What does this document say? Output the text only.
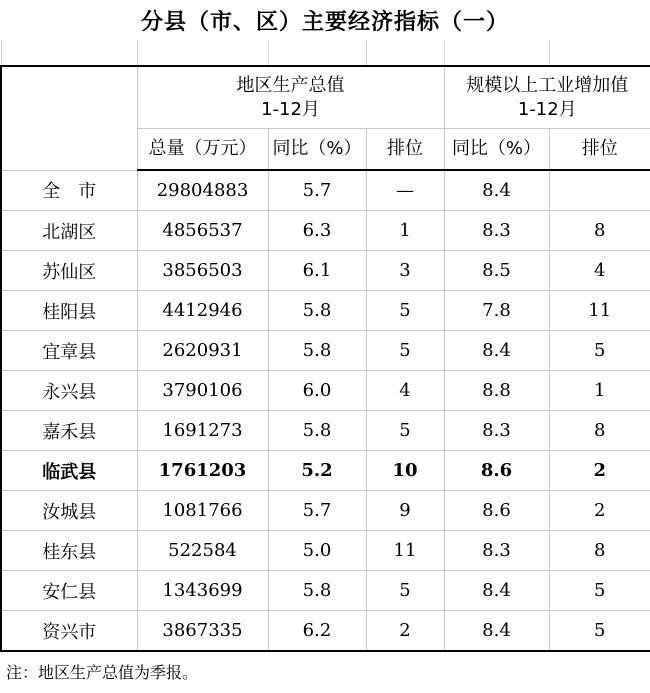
分县（市、区）主要经济指标（一）

	地区生产总值
1-12月			规模以上工业增加值
1-12月	

	总量（万元）	同比（%）	排位	同比（%）	排位
全　市	29804883	5.7	—	8.4	
北湖区	4856537	6.3	1	8.3	8
苏仙区	3856503	6.1	3	8.5	4
桂阳县	4412946	5.8	5	7.8	11
宜章县	2620931	5.8	5	8.4	5
永兴县	3790106	6.0	4	8.8	1
嘉禾县	1691273	5.8	5	8.3	8
临武县	1761203	5.2	10	8.6	2
汝城县	1081766	5.7	9	8.6	2
桂东县	522584	5.0	11	8.3	8
安仁县	1343699	5.8	5	8.4	5
资兴市	3867335	6.2	2	8.4	5
注：地区生产总值为季报。
